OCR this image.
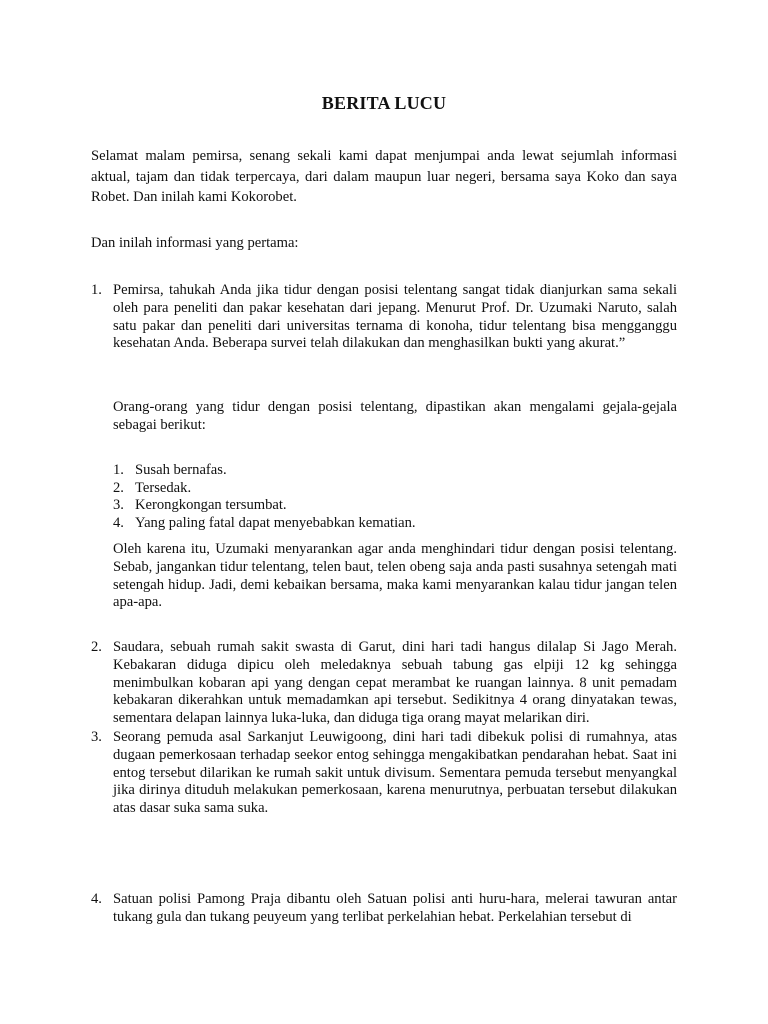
BERITA LUCU
Selamat malam pemirsa, senang sekali kami dapat menjumpai anda lewat sejumlah informasi aktual, tajam dan tidak terpercaya, dari dalam maupun luar negeri, bersama saya Koko dan saya Robet. Dan inilah kami Kokorobet.
Dan inilah informasi yang pertama:
1. Pemirsa, tahukah Anda jika tidur dengan posisi telentang sangat tidak dianjurkan sama sekali oleh para peneliti dan pakar kesehatan dari jepang. Menurut Prof. Dr. Uzumaki Naruto, salah satu pakar dan peneliti dari universitas ternama di konoha, tidur telentang bisa mengganggu kesehatan Anda. Beberapa survei telah dilakukan dan menghasilkan bukti yang akurat.”
Orang-orang yang tidur dengan posisi telentang, dipastikan akan mengalami gejala-gejala sebagai berikut:
1. Susah bernafas.
2. Tersedak.
3. Kerongkongan tersumbat.
4. Yang paling fatal dapat menyebabkan kematian.
Oleh karena itu, Uzumaki menyarankan agar anda menghindari tidur dengan posisi telentang. Sebab, jangankan tidur telentang, telen baut, telen obeng saja anda pasti susahnya setengah mati setengah hidup. Jadi, demi kebaikan bersama, maka kami menyarankan kalau tidur jangan telen apa-apa.
2. Saudara, sebuah rumah sakit swasta di Garut, dini hari tadi hangus dilalap Si Jago Merah. Kebakaran diduga dipicu oleh meledaknya sebuah tabung gas elpiji 12 kg sehingga menimbulkan kobaran api yang dengan cepat merambat ke ruangan lainnya. 8 unit pemadam kebakaran dikerahkan untuk memadamkan api tersebut. Sedikitnya 4 orang dinyatakan tewas, sementara delapan lainnya luka-luka, dan diduga tiga orang mayat melarikan diri.
3. Seorang pemuda asal Sarkanjut Leuwigoong, dini hari tadi dibekuk polisi di rumahnya, atas dugaan pemerkosaan terhadap seekor entog sehingga mengakibatkan pendarahan hebat. Saat ini entog tersebut dilarikan ke rumah sakit untuk divisum. Sementara pemuda tersebut menyangkal jika dirinya dituduh melakukan pemerkosaan, karena menurutnya, perbuatan tersebut dilakukan atas dasar suka sama suka.
4. Satuan polisi Pamong Praja dibantu oleh Satuan polisi anti huru-hara, melerai tawuran antar tukang gula dan tukang peuyeum yang terlibat perkelahian hebat. Perkelahian tersebut di
